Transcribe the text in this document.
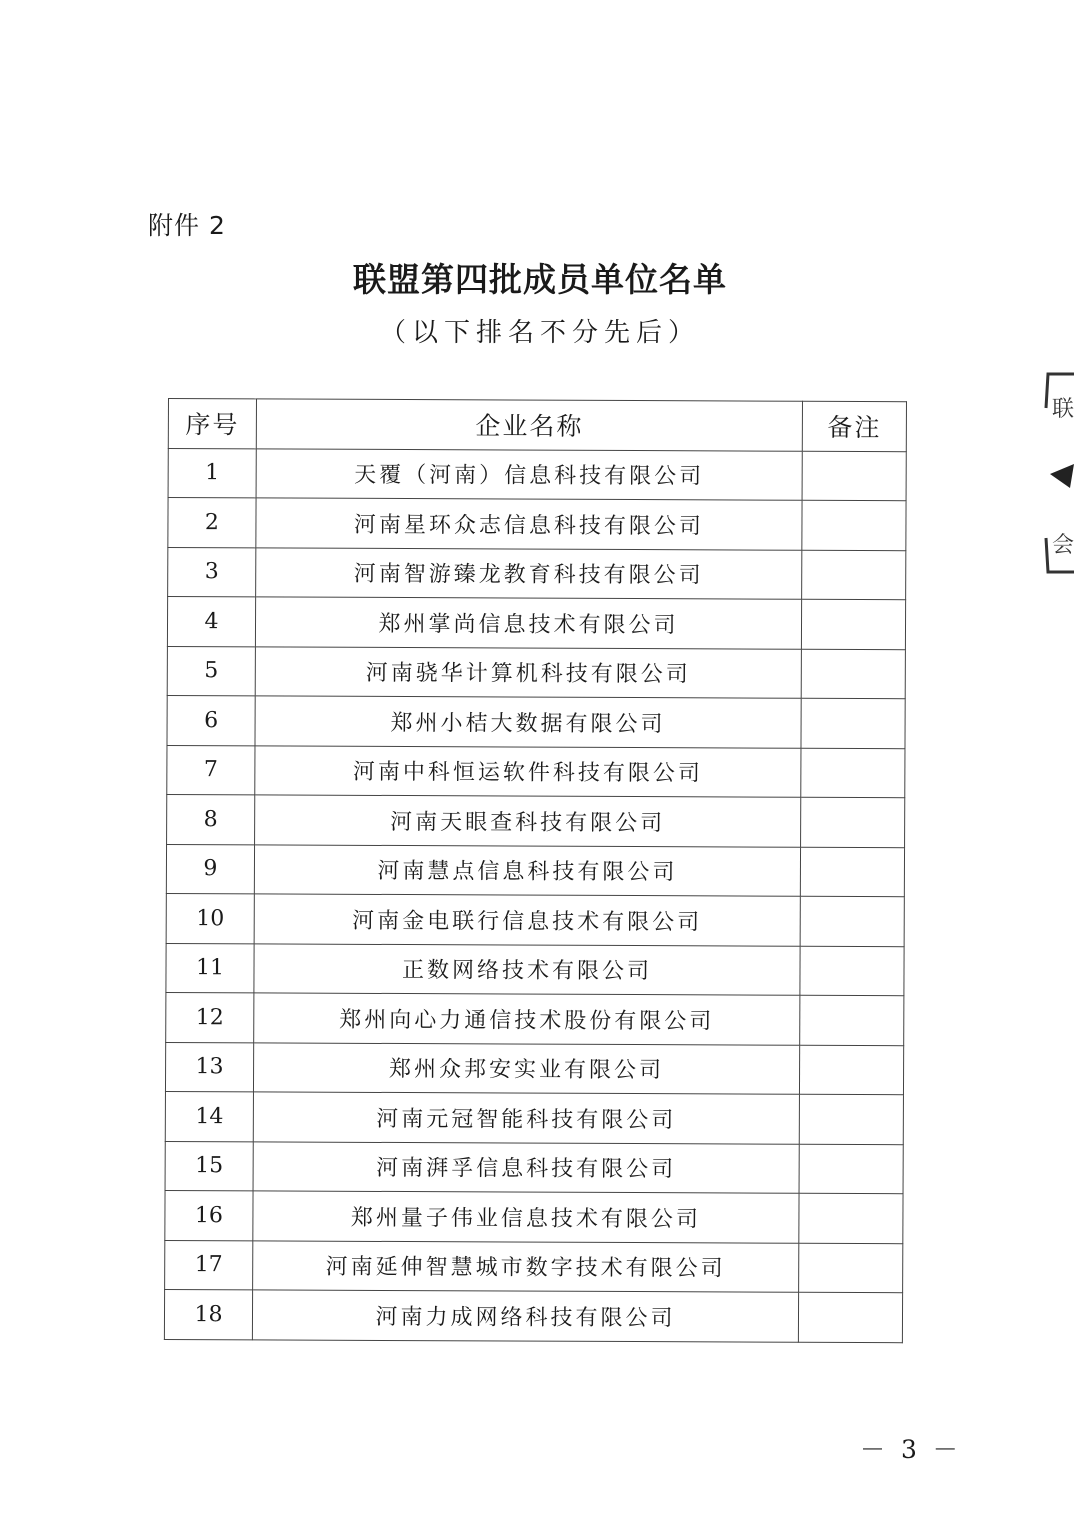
附件 2
联盟第四批成员单位名单
（以下排名不分先后）
序号	企业名称	备注
1	天覆（河南）信息科技有限公司	
2	河南星环众志信息科技有限公司	
3	河南智游臻龙教育科技有限公司	
4	郑州掌尚信息技术有限公司	
5	河南骁华计算机科技有限公司	
6	郑州小桔大数据有限公司	
7	河南中科恒运软件科技有限公司	
8	河南天眼查科技有限公司	
9	河南慧点信息科技有限公司	
10	河南金电联行信息技术有限公司	
11	正数网络技术有限公司	
12	郑州向心力通信技术股份有限公司	
13	郑州众邦安实业有限公司	
14	河南元冠智能科技有限公司	
15	河南湃孚信息科技有限公司	
16	郑州量子伟业信息技术有限公司	
17	河南延伸智慧城市数字技术有限公司	
18	河南力成网络科技有限公司	
联
会
－ 3 －
